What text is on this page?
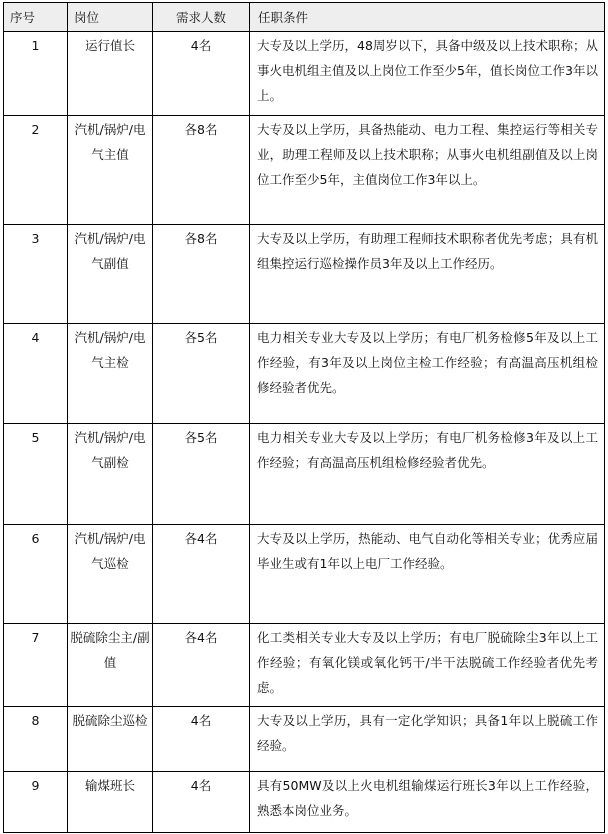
序号	岗位	需求人数	任职条件
1	运行值长	4名	大专及以上学历，48周岁以下，具备中级及以上技术职称；从事火电机组主值及以上岗位工作至少5年，值长岗位工作3年以上。
2	汽机/锅炉/电气主值	各8名	大专及以上学历，具备热能动、电力工程、集控运行等相关专业，助理工程师及以上技术职称；从事火电机组副值及以上岗位工作至少5年，主值岗位工作3年以上。
3	汽机/锅炉/电气副值	各8名	大专及以上学历，有助理工程师技术职称者优先考虑；具有机组集控运行巡检操作员3年及以上工作经历。
4	汽机/锅炉/电气主检	各5名	电力相关专业大专及以上学历；有电厂机务检修5年及以上工作经验，有3年及以上岗位主检工作经验；有高温高压机组检修经验者优先。
5	汽机/锅炉/电气副检	各5名	电力相关专业大专及以上学历；有电厂机务检修3年及以上工作经验；有高温高压机组检修经验者优先。
6	汽机/锅炉/电气巡检	各4名	大专及以上学历，热能动、电气自动化等相关专业；优秀应届毕业生或有1年以上电厂工作经验。
7	脱硫除尘主/副值	各4名	化工类相关专业大专及以上学历；有电厂脱硫除尘3年以上工作经验；有氧化镁或氧化钙干/半干法脱硫工作经验者优先考虑。
8	脱硫除尘巡检	4名	大专及以上学历，具有一定化学知识；具备1年以上脱硫工作经验。
9	输煤班长	4名	具有50MW及以上火电机组输煤运行班长3年以上工作经验，熟悉本岗位业务。
